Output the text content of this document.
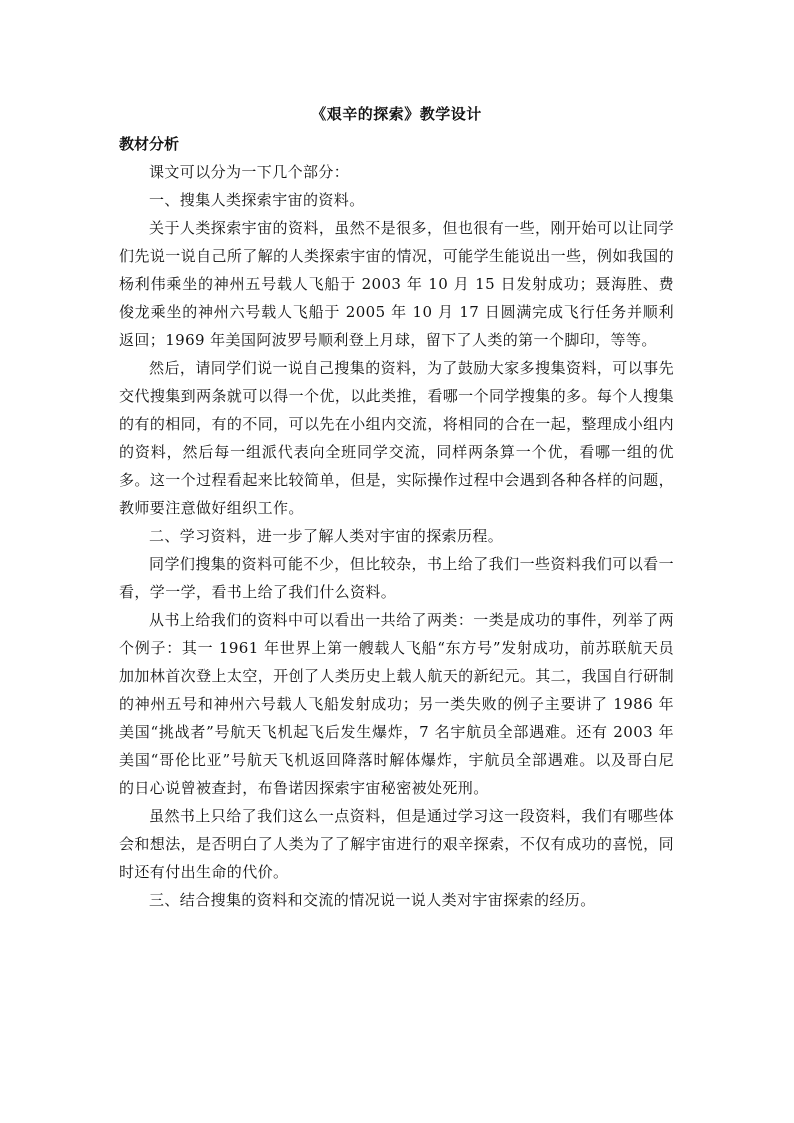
《艰辛的探索》教学设计
教材分析

课文可以分为一下几个部分：

一、搜集人类探索宇宙的资料。

关于人类探索宇宙的资料，虽然不是很多，但也很有一些，刚开始可以让同学们先说一说自己所了解的人类探索宇宙的情况，可能学生能说出一些，例如我国的杨利伟乘坐的神州五号载人飞船于 2003 年 10 月 15 日发射成功；聂海胜、费俊龙乘坐的神州六号载人飞船于 2005 年 10 月 17 日圆满完成飞行任务并顺利返回；1969 年美国阿波罗号顺利登上月球，留下了人类的第一个脚印，等等。

然后，请同学们说一说自己搜集的资料，为了鼓励大家多搜集资料，可以事先交代搜集到两条就可以得一个优，以此类推，看哪一个同学搜集的多。每个人搜集的有的相同，有的不同，可以先在小组内交流，将相同的合在一起，整理成小组内的资料，然后每一组派代表向全班同学交流，同样两条算一个优，看哪一组的优多。这一个过程看起来比较简单，但是，实际操作过程中会遇到各种各样的问题，教师要注意做好组织工作。

二、学习资料，进一步了解人类对宇宙的探索历程。

同学们搜集的资料可能不少，但比较杂，书上给了我们一些资料我们可以看一看，学一学，看书上给了我们什么资料。

从书上给我们的资料中可以看出一共给了两类：一类是成功的事件，列举了两个例子：其一 1961 年世界上第一艘载人飞船“东方号”发射成功，前苏联航天员加加林首次登上太空，开创了人类历史上载人航天的新纪元。其二，我国自行研制的神州五号和神州六号载人飞船发射成功；另一类失败的例子主要讲了 1986 年美国“挑战者”号航天飞机起飞后发生爆炸，7 名宇航员全部遇难。还有 2003 年美国“哥伦比亚”号航天飞机返回降落时解体爆炸，宇航员全部遇难。以及哥白尼的日心说曾被查封，布鲁诺因探索宇宙秘密被处死刑。

虽然书上只给了我们这么一点资料，但是通过学习这一段资料，我们有哪些体会和想法，是否明白了人类为了了解宇宙进行的艰辛探索，不仅有成功的喜悦，同时还有付出生命的代价。

三、结合搜集的资料和交流的情况说一说人类对宇宙探索的经历。
